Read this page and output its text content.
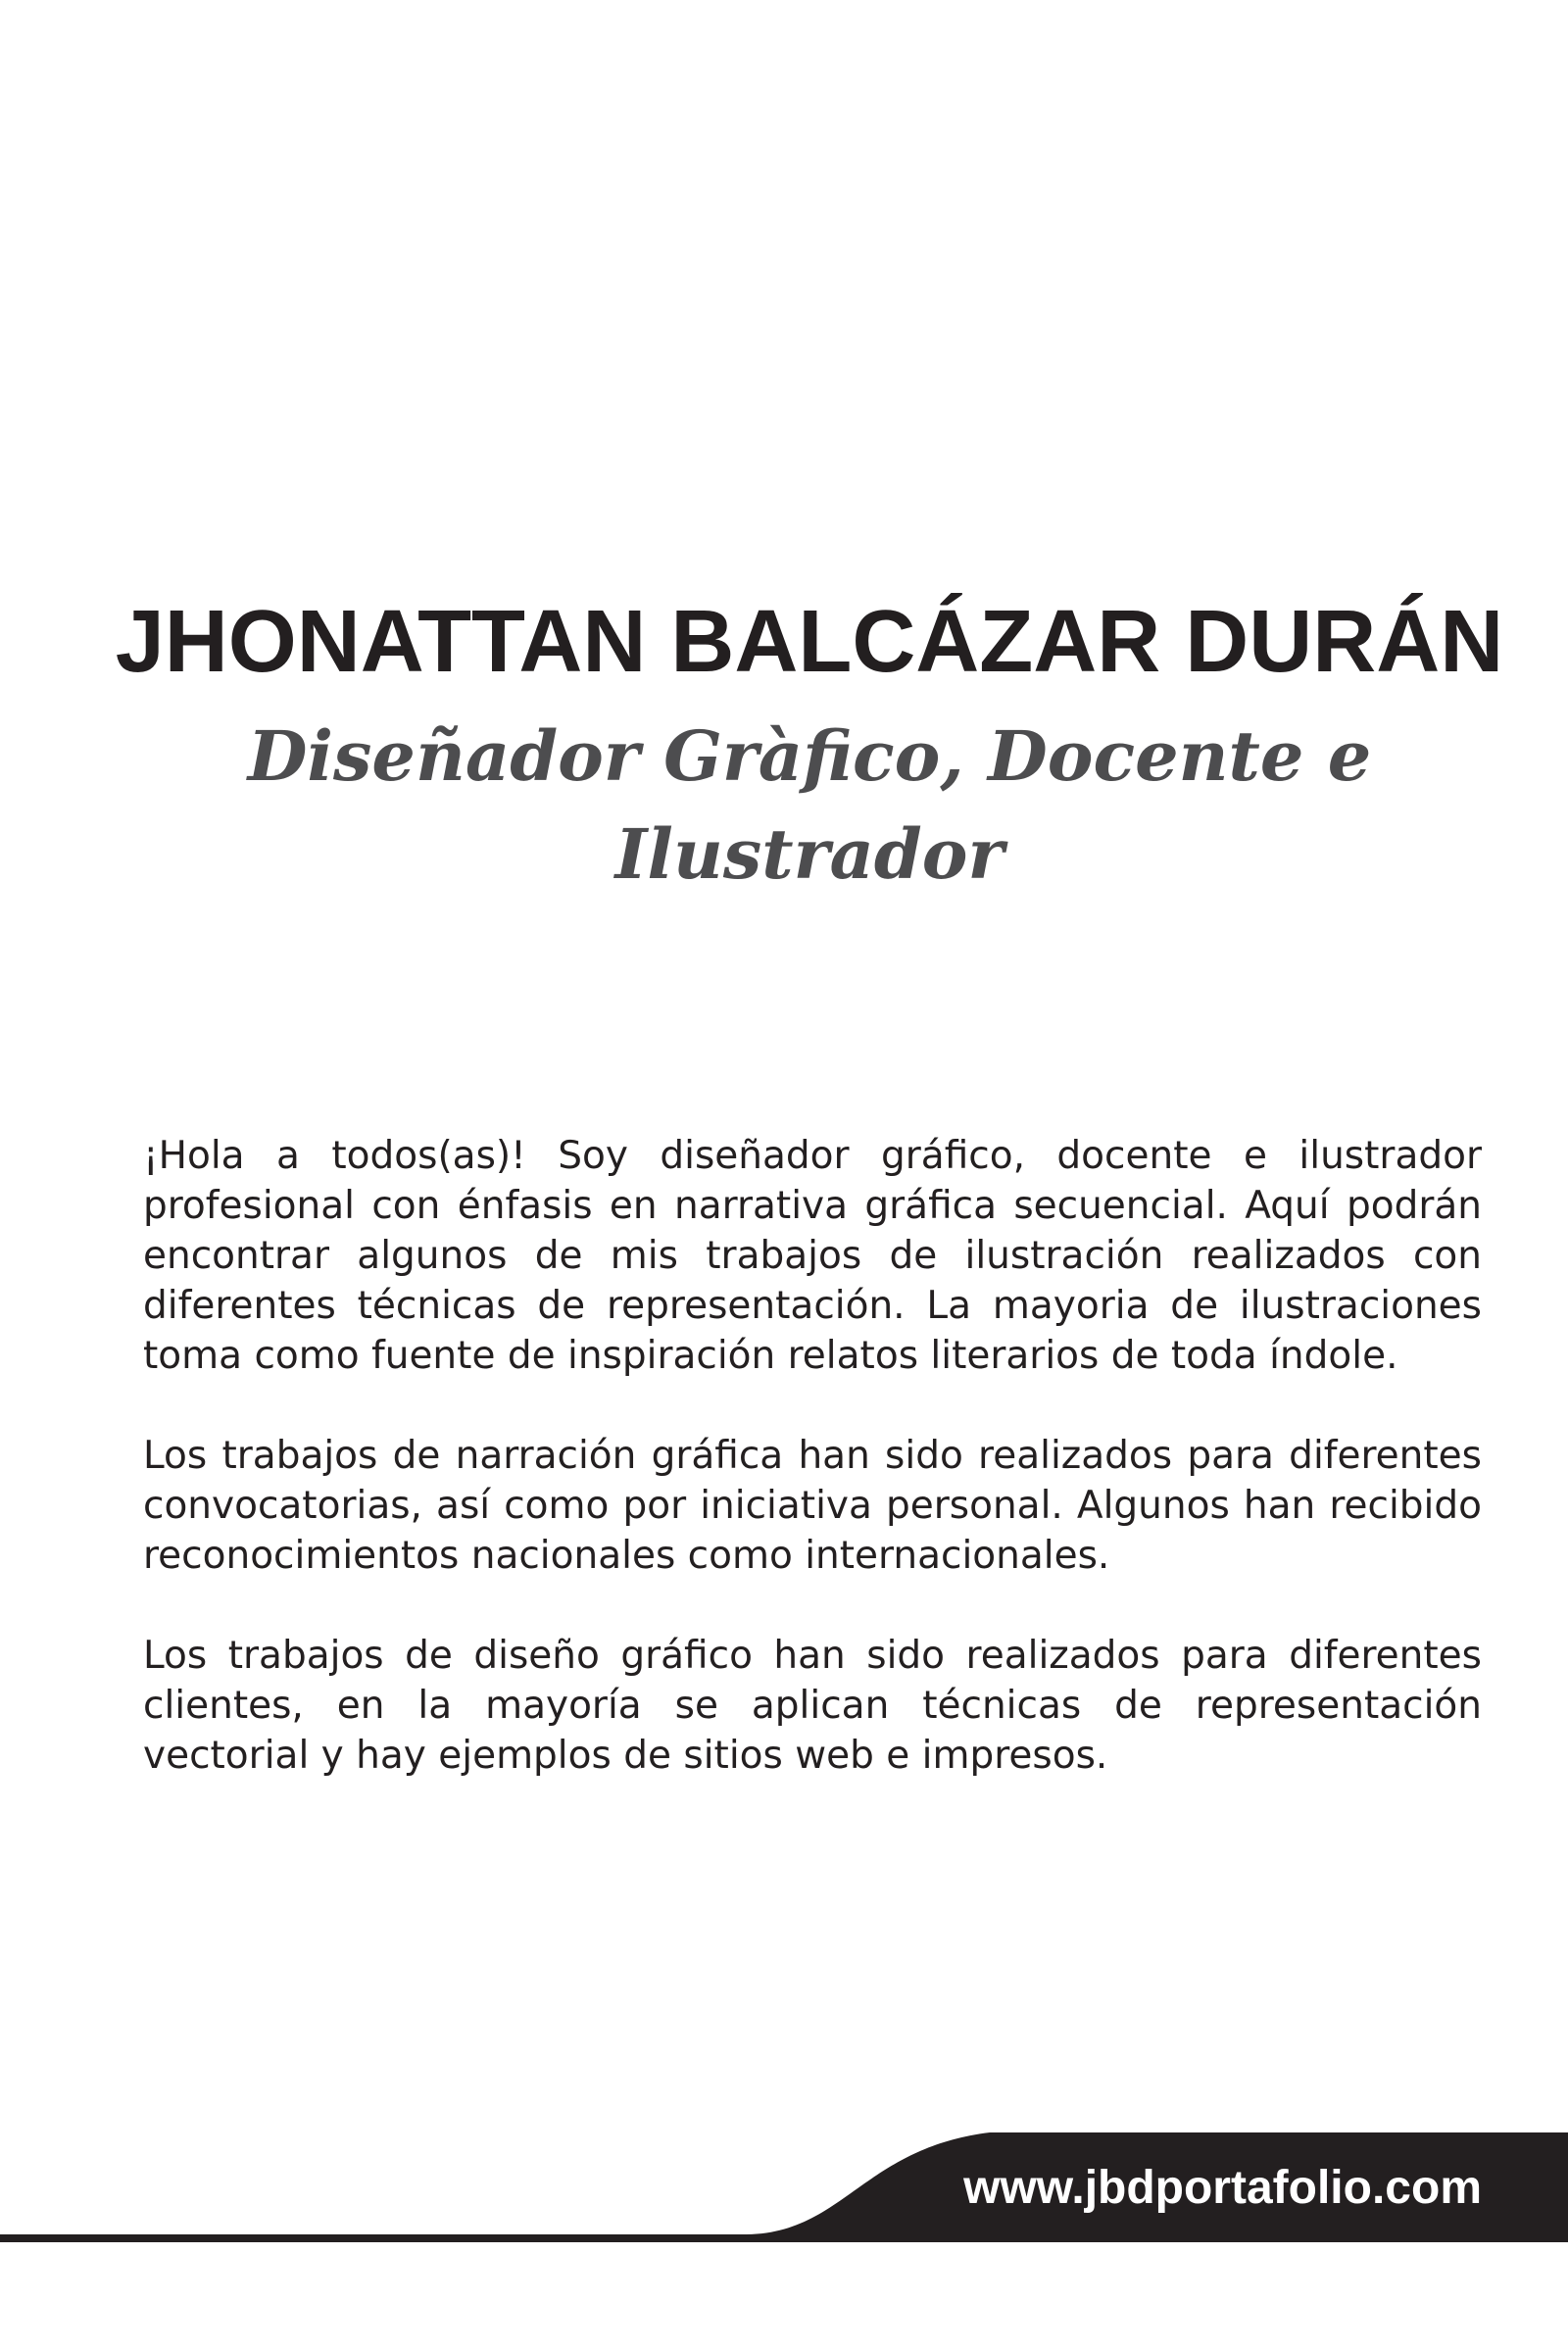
JHONATTAN BALCÁZAR DURÁN
Diseñador Gràfico, Docente e Ilustrador

¡Hola a todos(as)! Soy diseñador gráfico, docente e ilustrador profesional con énfasis en narrativa gráfica secuencial. Aquí podrán encontrar algunos de mis trabajos de ilustración realizados con diferentes técnicas de representación. La mayoria de ilustraciones toma como fuente de inspiración relatos literarios de toda índole.

Los trabajos de narración gráfica han sido realizados para diferentes convocatorias, así como por iniciativa personal. Algunos han recibido reconocimientos nacionales como internacionales.

Los trabajos de diseño gráfico han sido realizados para diferentes clientes, en la mayoría se aplican técnicas de representación vectorial y hay ejemplos de sitios web e impresos.

www.jbdportafolio.com
